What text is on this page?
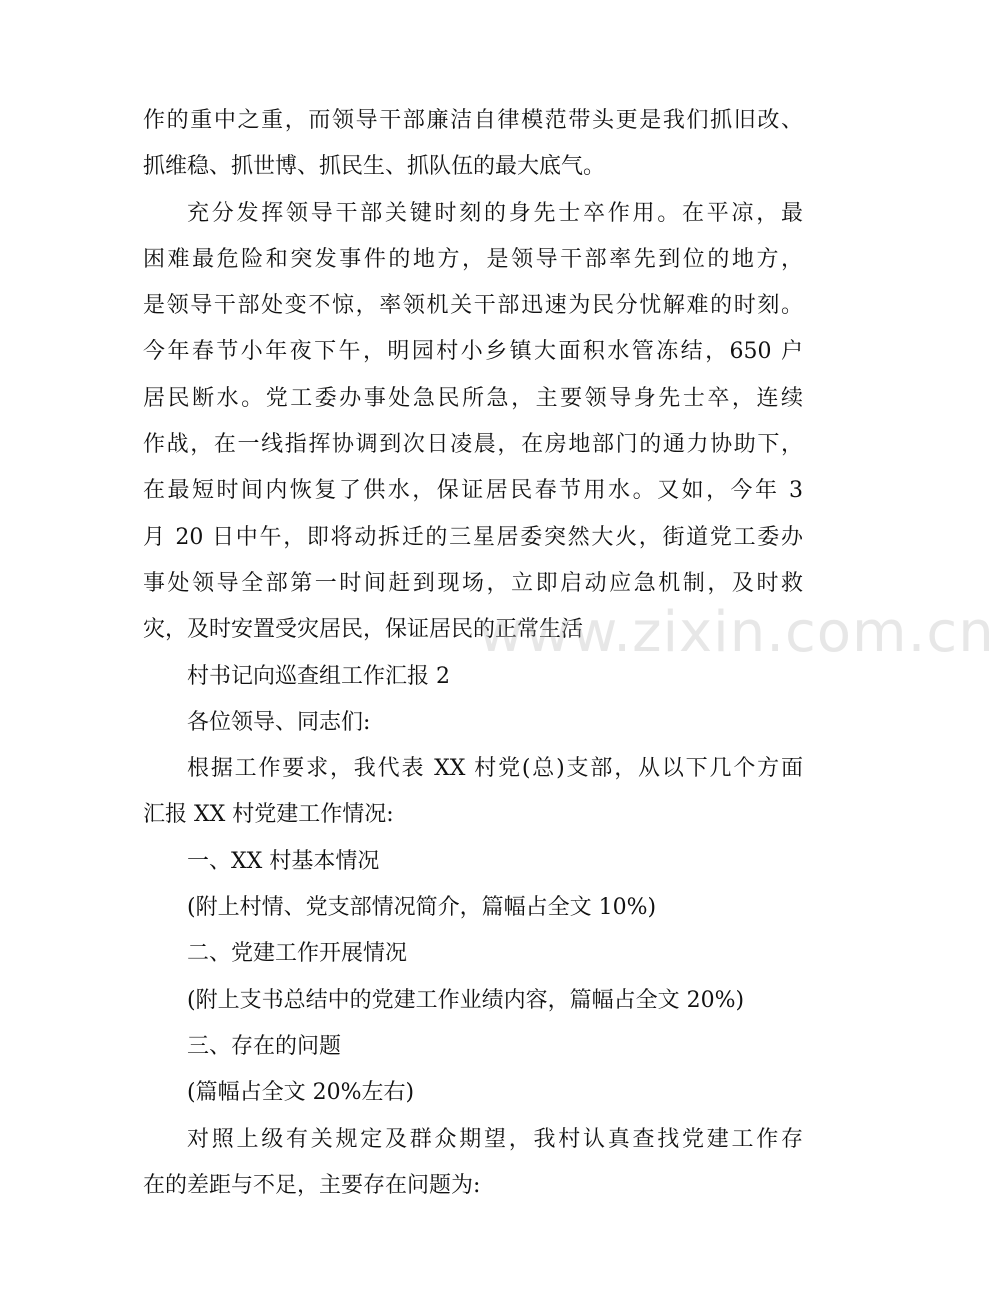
作的重中之重，而领导干部廉洁自律模范带头更是我们抓旧改、
抓维稳、抓世博、抓民生、抓队伍的最大底气。
充分发挥领导干部关键时刻的身先士卒作用。在平凉，最
困难最危险和突发事件的地方，是领导干部率先到位的地方，
是领导干部处变不惊，率领机关干部迅速为民分忧解难的时刻。
今年春节小年夜下午，明园村小乡镇大面积水管冻结，650 户
居民断水。党工委办事处急民所急，主要领导身先士卒，连续
作战，在一线指挥协调到次日凌晨，在房地部门的通力协助下，
在最短时间内恢复了供水，保证居民春节用水。又如，今年 3
月 20 日中午，即将动拆迁的三星居委突然大火，街道党工委办
事处领导全部第一时间赶到现场，立即启动应急机制，及时救
灾，及时安置受灾居民，保证居民的正常生活
村书记向巡查组工作汇报 2
各位领导、同志们:
根据工作要求，我代表 XX 村党(总)支部，从以下几个方面
汇报 XX 村党建工作情况:
一、XX 村基本情况
(附上村情、党支部情况简介，篇幅占全文 10%)
二、党建工作开展情况
(附上支书总结中的党建工作业绩内容，篇幅占全文 20%)
三、存在的问题
(篇幅占全文 20%左右)
对照上级有关规定及群众期望，我村认真查找党建工作存
在的差距与不足，主要存在问题为:
www.zixin.com.cn
